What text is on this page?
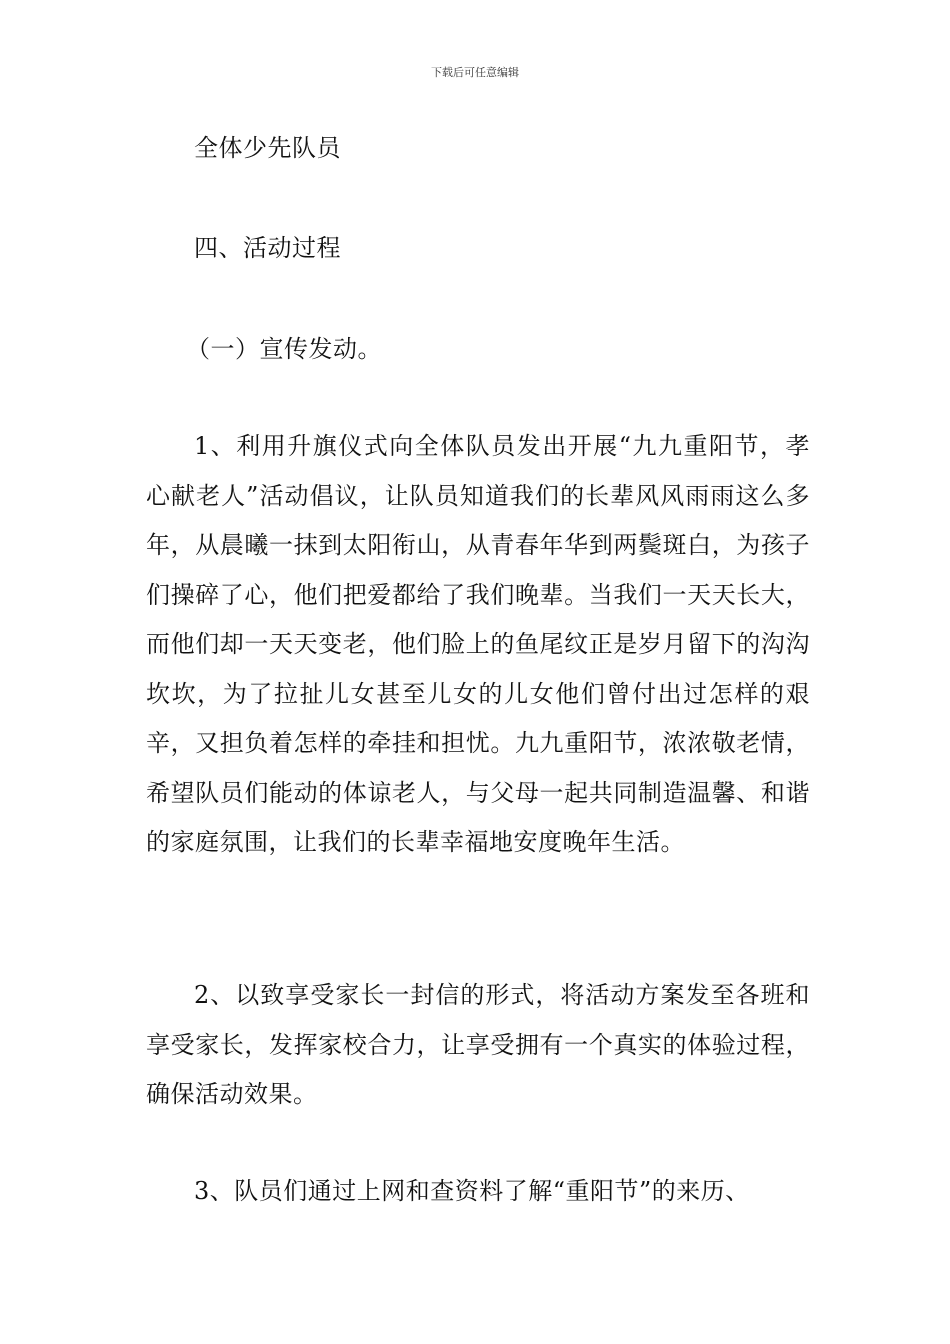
下载后可任意编辑

全体少先队员

四、活动过程

（一）宣传发动。

1、利用升旗仪式向全体队员发出开展“九九重阳节，孝心献老人”活动倡议，让队员知道我们的长辈风风雨雨这么多年，从晨曦一抹到太阳衔山，从青春年华到两鬓斑白，为孩子们操碎了心，他们把爱都给了我们晚辈。当我们一天天长大，而他们却一天天变老，他们脸上的鱼尾纹正是岁月留下的沟沟坎坎，为了拉扯儿女甚至儿女的儿女他们曾付出过怎样的艰辛，又担负着怎样的牵挂和担忧。九九重阳节，浓浓敬老情，希望队员们能动的体谅老人，与父母一起共同制造温馨、和谐的家庭氛围，让我们的长辈幸福地安度晚年生活。

2、以致享受家长一封信的形式，将活动方案发至各班和享受家长，发挥家校合力，让享受拥有一个真实的体验过程，确保活动效果。

3、队员们通过上网和查资料了解“重阳节”的来历、
